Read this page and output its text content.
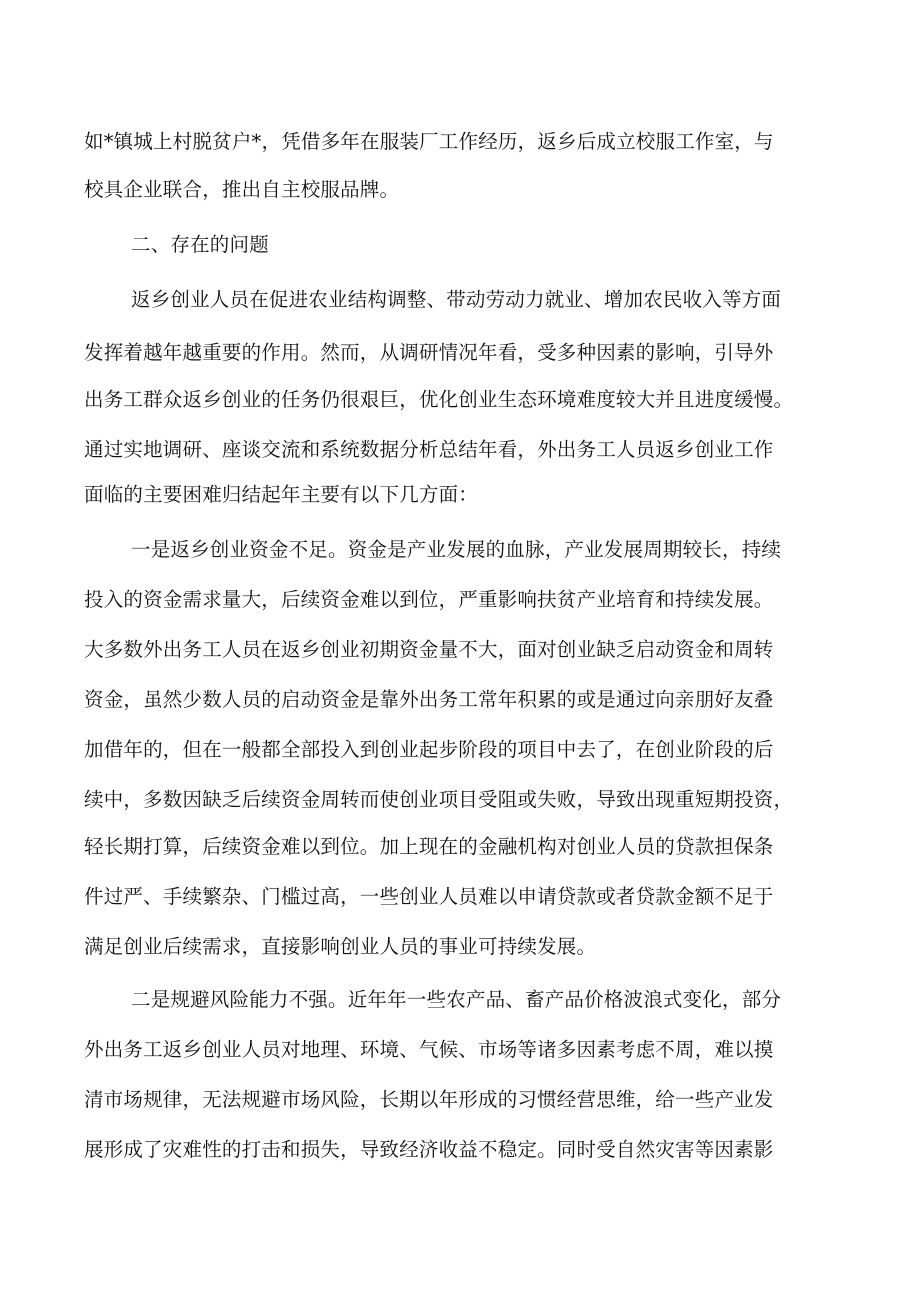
如*镇城上村脱贫户*，凭借多年在服装厂工作经历，返乡后成立校服工作室，与
校具企业联合，推出自主校服品牌。
二、存在的问题
返乡创业人员在促进农业结构调整、带动劳动力就业、增加农民收入等方面
发挥着越年越重要的作用。然而，从调研情况年看，受多种因素的影响，引导外
出务工群众返乡创业的任务仍很艰巨，优化创业生态环境难度较大并且进度缓慢。
通过实地调研、座谈交流和系统数据分析总结年看，外出务工人员返乡创业工作
面临的主要困难归结起年主要有以下几方面：
一是返乡创业资金不足。资金是产业发展的血脉，产业发展周期较长，持续
投入的资金需求量大，后续资金难以到位，严重影响扶贫产业培育和持续发展。
大多数外出务工人员在返乡创业初期资金量不大，面对创业缺乏启动资金和周转
资金，虽然少数人员的启动资金是靠外出务工常年积累的或是通过向亲朋好友叠
加借年的，但在一般都全部投入到创业起步阶段的项目中去了，在创业阶段的后
续中，多数因缺乏后续资金周转而使创业项目受阻或失败，导致出现重短期投资，
轻长期打算，后续资金难以到位。加上现在的金融机构对创业人员的贷款担保条
件过严、手续繁杂、门槛过高，一些创业人员难以申请贷款或者贷款金额不足于
满足创业后续需求，直接影响创业人员的事业可持续发展。
二是规避风险能力不强。近年年一些农产品、畜产品价格波浪式变化，部分
外出务工返乡创业人员对地理、环境、气候、市场等诸多因素考虑不周，难以摸
清市场规律，无法规避市场风险，长期以年形成的习惯经营思维，给一些产业发
展形成了灾难性的打击和损失，导致经济收益不稳定。同时受自然灾害等因素影
